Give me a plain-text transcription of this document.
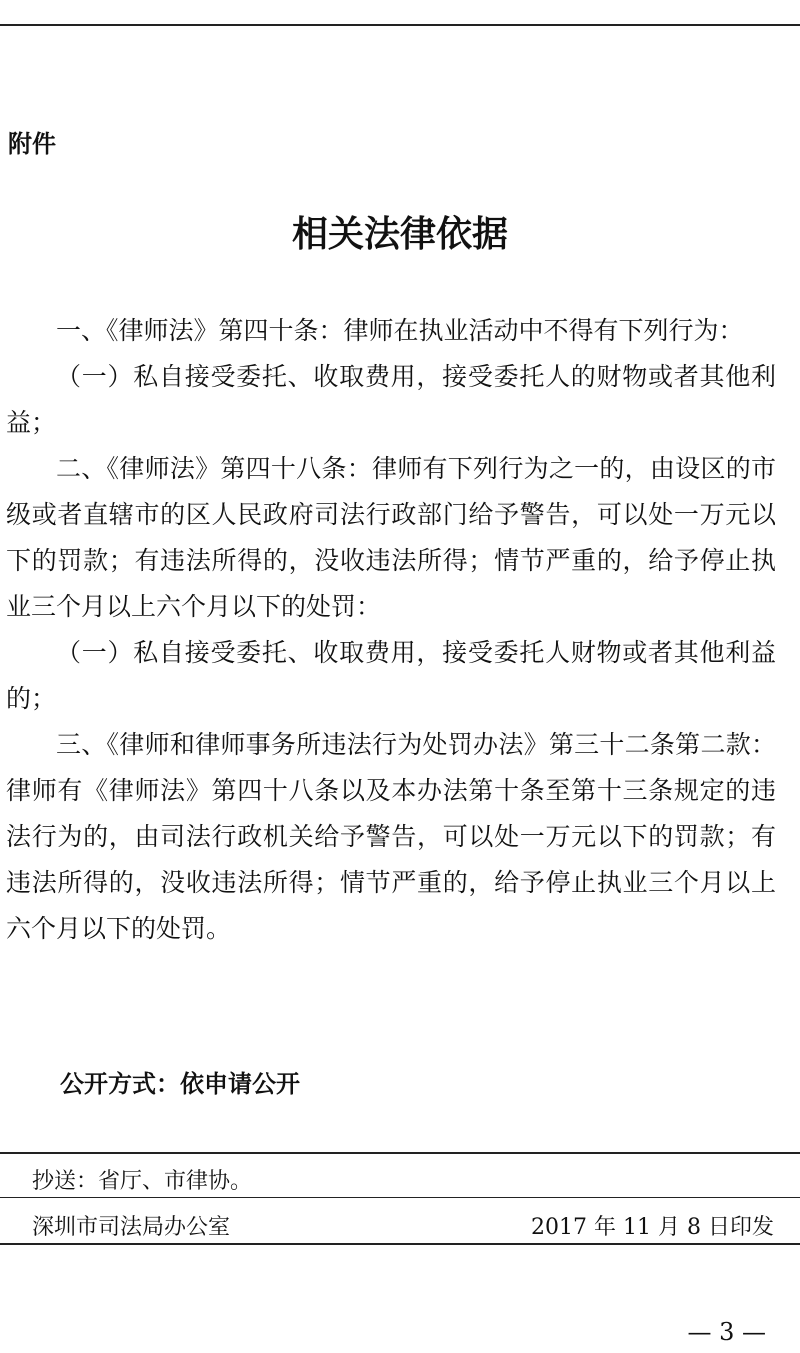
附件

相关法律依据

一、《律师法》第四十条：律师在执业活动中不得有下列行为：

（一）私自接受委托、收取费用，接受委托人的财物或者其他利益；

二、《律师法》第四十八条：律师有下列行为之一的，由设区的市级或者直辖市的区人民政府司法行政部门给予警告，可以处一万元以下的罚款；有违法所得的，没收违法所得；情节严重的，给予停止执业三个月以上六个月以下的处罚：

（一）私自接受委托、收取费用，接受委托人财物或者其他利益的；

三、《律师和律师事务所违法行为处罚办法》第三十二条第二款：律师有《律师法》第四十八条以及本办法第十条至第十三条规定的违法行为的，由司法行政机关给予警告，可以处一万元以下的罚款；有违法所得的，没收违法所得；情节严重的，给予停止执业三个月以上六个月以下的处罚。

公开方式：依申请公开
抄送：省厅、市律协。
深圳市司法局办公室	2017 年 11 月 8 日印发
— 3 —
